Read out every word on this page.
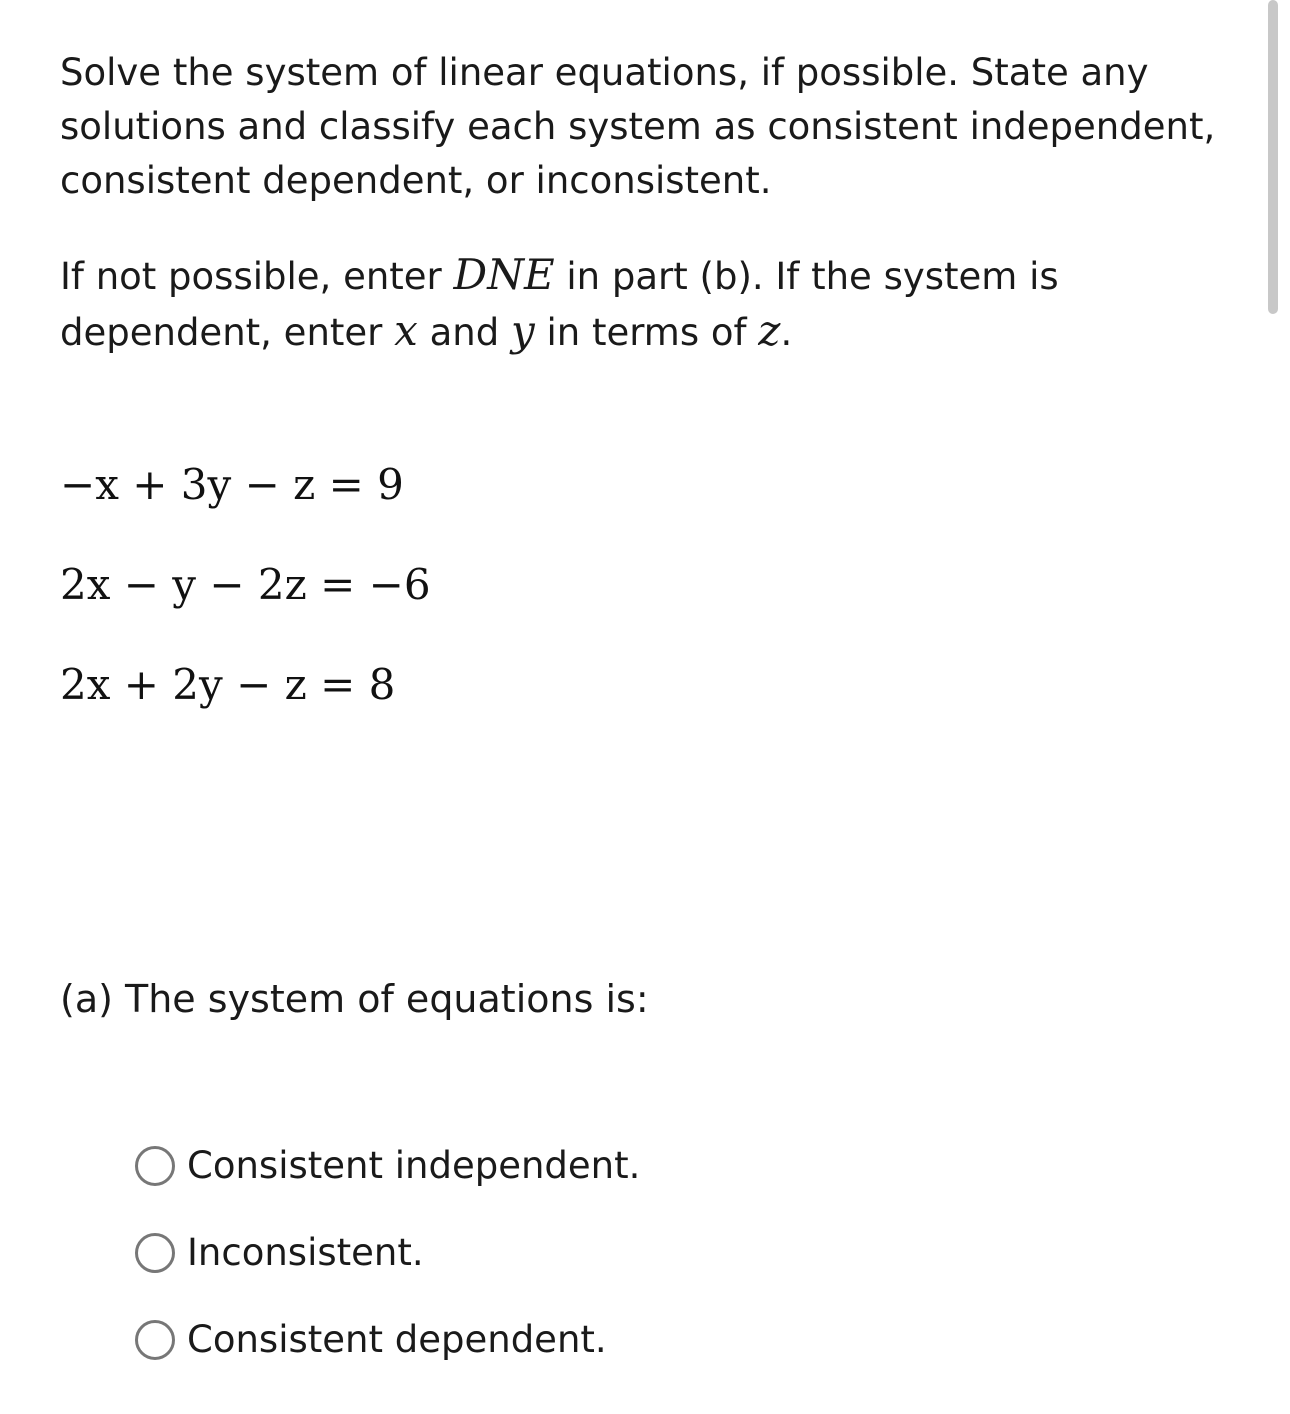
Solve the system of linear equations, if possible. State any solutions and classify each system as consistent independent, consistent dependent, or inconsistent.

If not possible, enter DNE in part (b). If the system is dependent, enter x and y in terms of z.

−x + 3y − z = 9
2x − y − 2z = −6
2x + 2y − z = 8

(a) The system of equations is:

Consistent independent.
Inconsistent.
Consistent dependent.
